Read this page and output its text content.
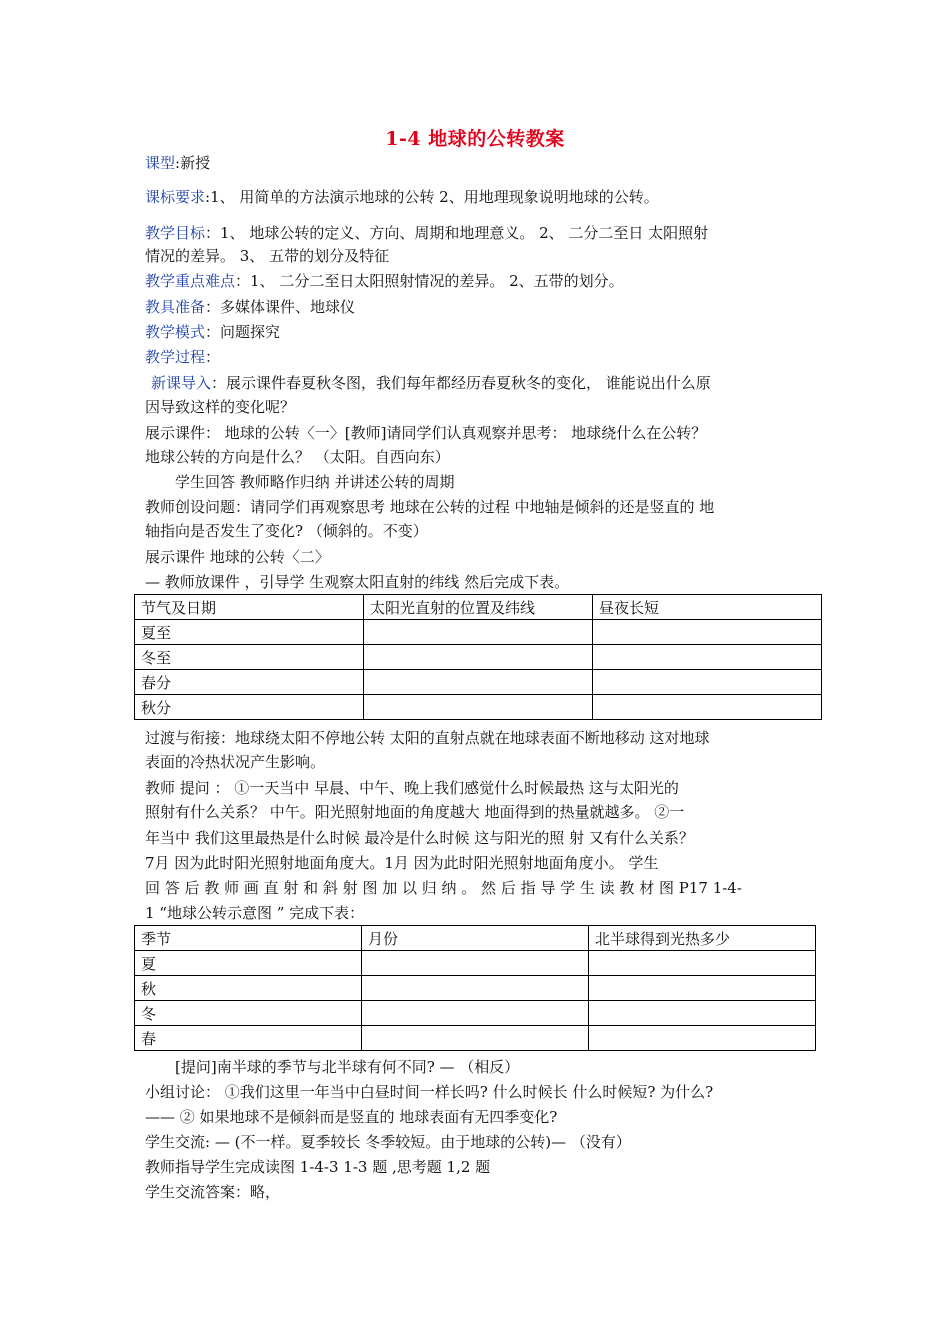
1-4 地球的公转教案
课型:新授
课标要求:1、 用简单的方法演示地球的公转 2、用地理现象说明地球的公转。
教学目标：1、 地球公转的定义、方向、周期和地理意义。 2、 二分二至日 太阳照射
情况的差异。 3、 五带的划分及特征
教学重点难点：1、 二分二至日太阳照射情况的差异。 2、五带的划分。
教具准备：多媒体课件、地球仪
教学模式：问题探究
教学过程：
新课导入：展示课件春夏秋冬图，我们每年都经历春夏秋冬的变化， 谁能说出什么原
因导致这样的变化呢？
展示课件： 地球的公转〈一〉[教师]请同学们认真观察并思考： 地球绕什么在公转？
地球公转的方向是什么？ （太阳。自西向东）
学生回答 教师略作归纳 并讲述公转的周期
教师创设问题：请同学们再观察思考 地球在公转的过程 中地轴是倾斜的还是竖直的 地
轴指向是否发生了变化? （倾斜的。不变）
展示课件 地球的公转〈二〉
— 教师放课件 ，引导学 生观察太阳直射的纬线 然后完成下表。
节气及日期	太阳光直射的位置及纬线	昼夜长短
夏至		
冬至		
春分		
秋分		
过渡与衔接：地球绕太阳不停地公转 太阳的直射点就在地球表面不断地移动 这对地球
表面的冷热状况产生影响。
教师 提问 ： ①一天当中 早晨、中午、晚上我们感觉什么时候最热 这与太阳光的
照射有什么关系？ 中午。阳光照射地面的角度越大 地面得到的热量就越多。 ②一
年当中 我们这里最热是什么时候 最冷是什么时候 这与阳光的照 射 又有什么关系？
7月 因为此时阳光照射地面角度大。1月 因为此时阳光照射地面角度小。 学生
回 答 后 教 师 画 直 射 和 斜 射 图 加 以 归 纳 。 然 后 指 导 学 生 读 教 材 图 P17 1-4-
1 “地球公转示意图 ” 完成下表：
季节	月份	北半球得到光热多少
夏		
秋		
冬		
春		
[提问]南半球的季节与北半球有何不同? — （相反）
小组讨论： ①我们这里一年当中白昼时间一样长吗? 什么时候长 什么时候短? 为什么?
—— ② 如果地球不是倾斜而是竖直的 地球表面有无四季变化?
学生交流: — (不一样。夏季较长 冬季较短。由于地球的公转)— （没有）
教师指导学生完成读图 1-4-3 1-3 题 ,思考题 1,2 题
学生交流答案：略，
